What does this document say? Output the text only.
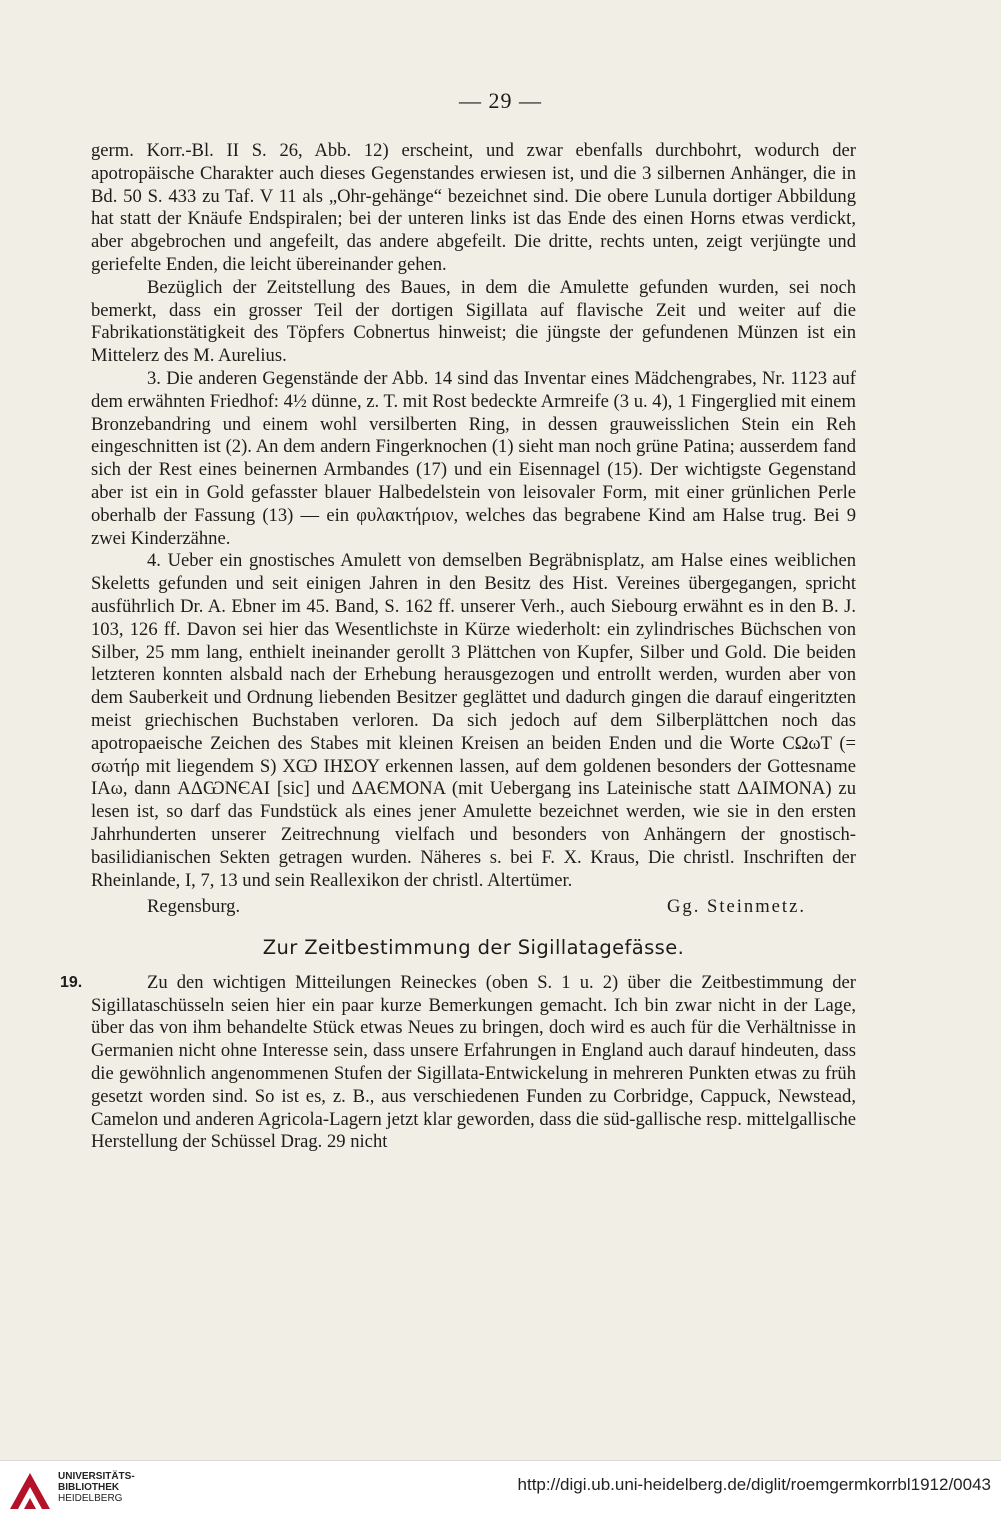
— 29 —

germ. Korr.-Bl. II S. 26, Abb. 12) erscheint, und zwar ebenfalls durchbohrt, wodurch der apotropäische Charakter auch dieses Gegenstandes erwiesen ist, und die 3 silbernen Anhänger, die in Bd. 50 S. 433 zu Taf. V 11 als „Ohr-gehänge“ bezeichnet sind. Die obere Lunula dortiger Abbildung hat statt der Knäufe Endspiralen; bei der unteren links ist das Ende des einen Horns etwas verdickt, aber abgebrochen und angefeilt, das andere abgefeilt. Die dritte, rechts unten, zeigt verjüngte und geriefelte Enden, die leicht übereinander gehen.

Bezüglich der Zeitstellung des Baues, in dem die Amulette gefunden wurden, sei noch bemerkt, dass ein grosser Teil der dortigen Sigillata auf flavische Zeit und weiter auf die Fabrikationstätigkeit des Töpfers Cobnertus hinweist; die jüngste der gefundenen Münzen ist ein Mittelerz des M. Aurelius.

3. Die anderen Gegenstände der Abb. 14 sind das Inventar eines Mädchengrabes, Nr. 1123 auf dem erwähnten Friedhof: 4½ dünne, z. T. mit Rost bedeckte Armreife (3 u. 4), 1 Fingerglied mit einem Bronzebandring und einem wohl versilberten Ring, in dessen grauweisslichen Stein ein Reh eingeschnitten ist (2). An dem andern Fingerknochen (1) sieht man noch grüne Patina; ausserdem fand sich der Rest eines beinernen Armbandes (17) und ein Eisennagel (15). Der wichtigste Gegenstand aber ist ein in Gold gefasster blauer Halbedelstein von leisovaler Form, mit einer grünlichen Perle oberhalb der Fassung (13) — ein φυλακτήριον, welches das begrabene Kind am Halse trug. Bei 9 zwei Kinderzähne.

4. Ueber ein gnostisches Amulett von demselben Begräbnisplatz, am Halse eines weiblichen Skeletts gefunden und seit einigen Jahren in den Besitz des Hist. Vereines übergegangen, spricht ausführlich Dr. A. Ebner im 45. Band, S. 162 ff. unserer Verh., auch Siebourg erwähnt es in den B. J. 103, 126 ff. Davon sei hier das Wesentlichste in Kürze wiederholt: ein zylindrisches Büchschen von Silber, 25 mm lang, enthielt ineinander gerollt 3 Plättchen von Kupfer, Silber und Gold. Die beiden letzteren konnten alsbald nach der Erhebung herausgezogen und entrollt werden, wurden aber von dem Sauberkeit und Ordnung liebenden Besitzer geglättet und dadurch gingen die darauf eingeritzten meist griechischen Buchstaben verloren. Da sich jedoch auf dem Silberplättchen noch das apotropaeische Zeichen des Stabes mit kleinen Kreisen an beiden Enden und die Worte ϹΩωΤ (= σωτήρ mit liegendem S) ΧѠ ΙΗΣΟΥ erkennen lassen, auf dem goldenen besonders der Gottesname ΙΑω, dann ΑΔѠΝЄΑΙ [sic] und ΔΑЄΜΟΝΑ (mit Uebergang ins Lateinische statt ΔΑΙΜΟΝΑ) zu lesen ist, so darf das Fundstück als eines jener Amulette bezeichnet werden, wie sie in den ersten Jahrhunderten unserer Zeitrechnung vielfach und besonders von Anhängern der gnostisch-basilidianischen Sekten getragen wurden. Näheres s. bei F. X. Kraus, Die christl. Inschriften der Rheinlande, I, 7, 13 und sein Reallexikon der christl. Altertümer.

Regensburg.	Gg. Steinmetz.
Zur Zeitbestimmung der Sigillatagefässe.
19.	Zu den wichtigen Mitteilungen Reineckes (oben S. 1 u. 2) über die Zeitbestimmung der Sigillataschüsseln seien hier ein paar kurze Bemerkungen gemacht. Ich bin zwar nicht in der Lage, über das von ihm behandelte Stück etwas Neues zu bringen, doch wird es auch für die Verhältnisse in Germanien nicht ohne Interesse sein, dass unsere Erfahrungen in England auch darauf hindeuten, dass die gewöhnlich angenommenen Stufen der Sigillata-Entwickelung in mehreren Punkten etwas zu früh gesetzt worden sind. So ist es, z. B., aus verschiedenen Funden zu Corbridge, Cappuck, Newstead, Camelon und anderen Agricola-Lagern jetzt klar geworden, dass die süd-gallische resp. mittelgallische Herstellung der Schüssel Drag. 29 nicht

UNIVERSITÄTS-
BIBLIOTHEK
HEIDELBERG
http://digi.ub.uni-heidelberg.de/diglit/roemgermkorrbl1912/0043
